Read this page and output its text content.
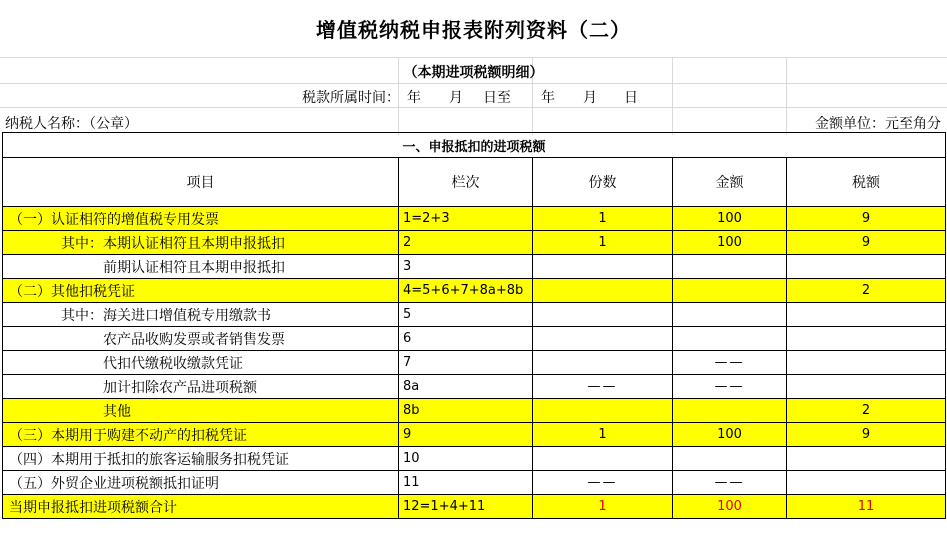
增值税纳税申报表附列资料（二）
（本期进项税额明细）
税款所属时间： 年 月 日至 年 月 日
纳税人名称：（公章）	金额单位：元至角分
一、申报抵扣的进项税额				
项目	栏次	份数	金额	税额
（一）认证相符的增值税专用发票	1=2+3	1	100	9
其中：本期认证相符且本期申报抵扣	2	1	100	9
前期认证相符且本期申报抵扣	3			
（二）其他扣税凭证	4=5+6+7+8a+8b			2
其中：海关进口增值税专用缴款书	5			
农产品收购发票或者销售发票	6			
代扣代缴税收缴款凭证	7		——	
加计扣除农产品进项税额	8a	——	——	
其他	8b			2
（三）本期用于购建不动产的扣税凭证	9	1	100	9
（四）本期用于抵扣的旅客运输服务扣税凭证	10			
（五）外贸企业进项税额抵扣证明	11	——	——	
当期申报抵扣进项税额合计	12=1+4+11	1	100	11
